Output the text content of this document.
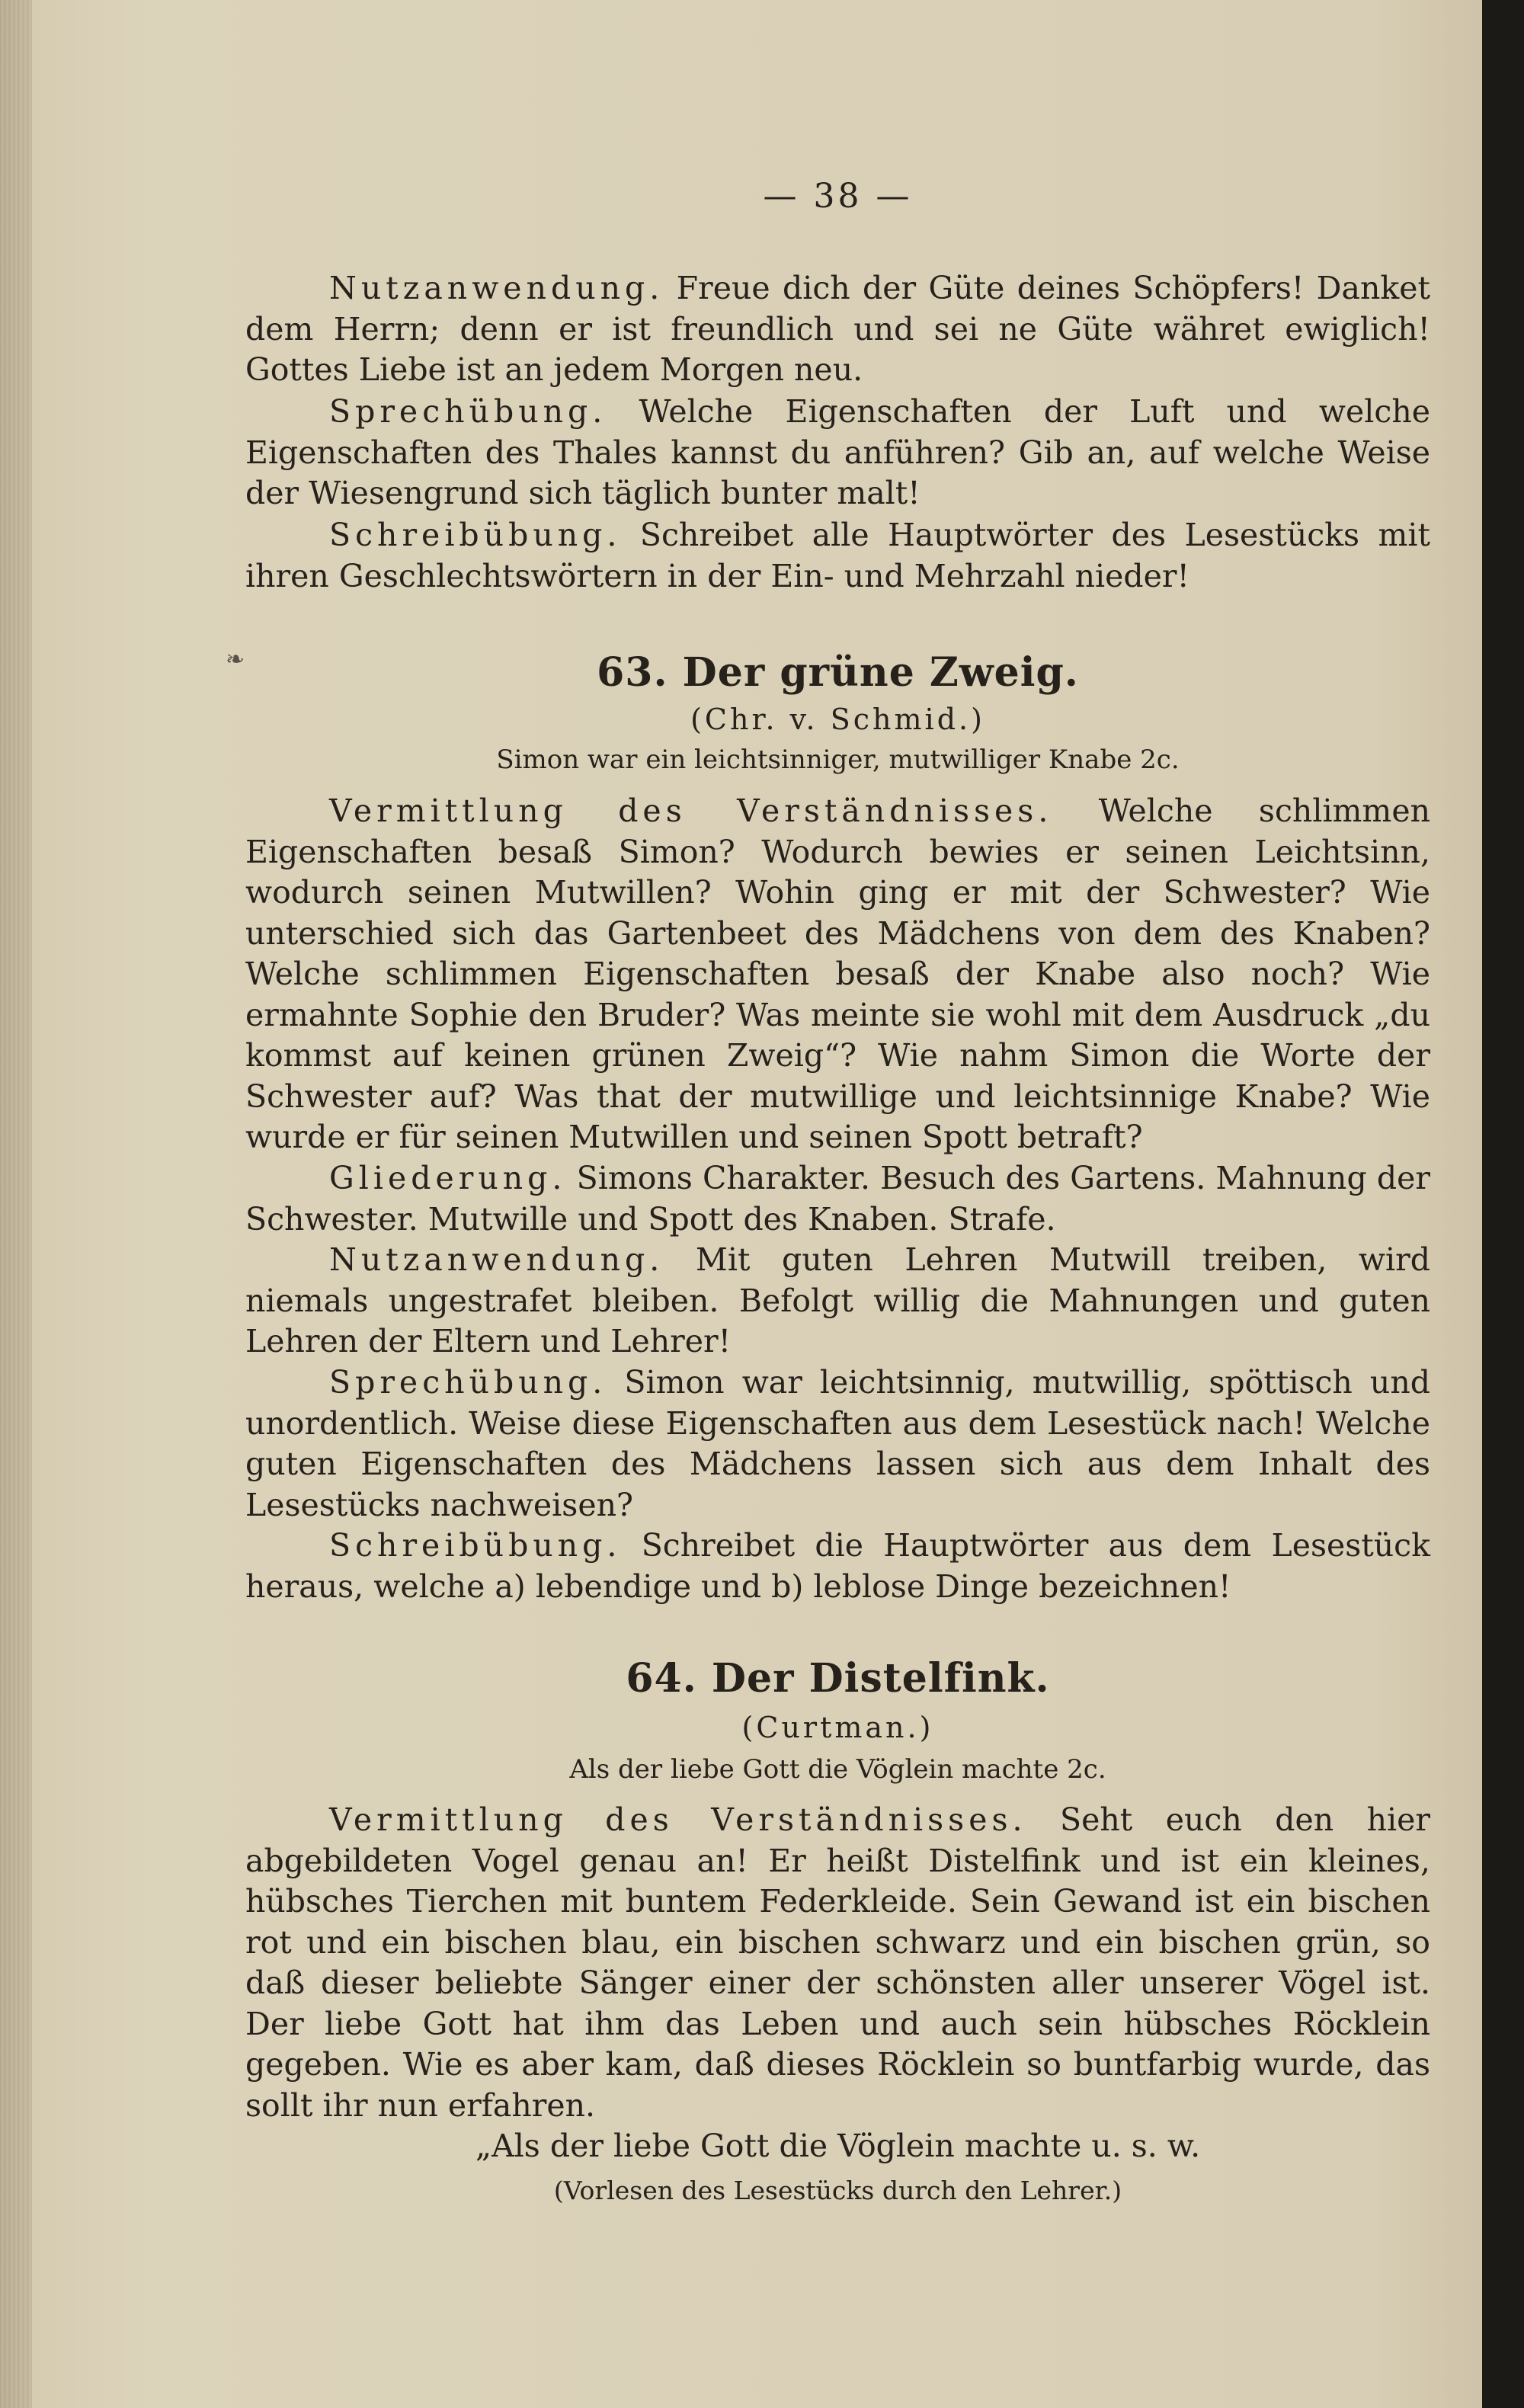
— 38 —

Nutzanwendung. Freue dich der Güte deines Schöpfers! Danket dem Herrn; denn er ist freundlich und sei ne Güte währet ewiglich! Gottes Liebe ist an jedem Morgen neu.

Sprechübung. Welche Eigenschaften der Luft und welche Eigenschaften des Thales kannst du anführen? Gib an, auf welche Weise der Wiesengrund sich täglich bunter malt!

Schreibübung. Schreibet alle Hauptwörter des Lesestücks mit ihren Geschlechtswörtern in der Ein- und Mehrzahl nieder!

❧	63. Der grüne Zweig.
(Chr. v. Schmid.)
Simon war ein leichtsinniger, mutwilliger Knabe 2c.

Vermittlung des Verständnisses. Welche schlimmen Eigenschaften besaß Simon? Wodurch bewies er seinen Leichtsinn, wodurch seinen Mutwillen? Wohin ging er mit der Schwester? Wie unterschied sich das Gartenbeet des Mädchens von dem des Knaben? Welche schlimmen Eigenschaften besaß der Knabe also noch? Wie ermahnte Sophie den Bruder? Was meinte sie wohl mit dem Ausdruck „du kommst auf keinen grünen Zweig“? Wie nahm Simon die Worte der Schwester auf? Was that der mutwillige und leichtsinnige Knabe? Wie wurde er für seinen Mutwillen und seinen Spott betraft?

Gliederung. Simons Charakter. Besuch des Gartens. Mahnung der Schwester. Mutwille und Spott des Knaben. Strafe.

Nutzanwendung. Mit guten Lehren Mutwill treiben, wird niemals ungestrafet bleiben. Befolgt willig die Mahnungen und guten Lehren der Eltern und Lehrer!

Sprechübung. Simon war leichtsinnig, mutwillig, spöttisch und unordentlich. Weise diese Eigenschaften aus dem Lesestück nach! Welche guten Eigenschaften des Mädchens lassen sich aus dem Inhalt des Lesestücks nachweisen?

Schreibübung. Schreibet die Hauptwörter aus dem Lesestück heraus, welche a) lebendige und b) leblose Dinge bezeichnen!

64. Der Distelfink.
(Curtman.)
Als der liebe Gott die Vöglein machte 2c.

Vermittlung des Verständnisses. Seht euch den hier abgebildeten Vogel genau an! Er heißt Distelfink und ist ein kleines, hübsches Tierchen mit buntem Federkleide. Sein Gewand ist ein bischen rot und ein bischen blau, ein bischen schwarz und ein bischen grün, so daß dieser beliebte Sänger einer der schönsten aller unserer Vögel ist. Der liebe Gott hat ihm das Leben und auch sein hübsches Röcklein gegeben. Wie es aber kam, daß dieses Röcklein so buntfarbig wurde, das sollt ihr nun erfahren.

„Als der liebe Gott die Vöglein machte u. s. w.
(Vorlesen des Lesestücks durch den Lehrer.)
